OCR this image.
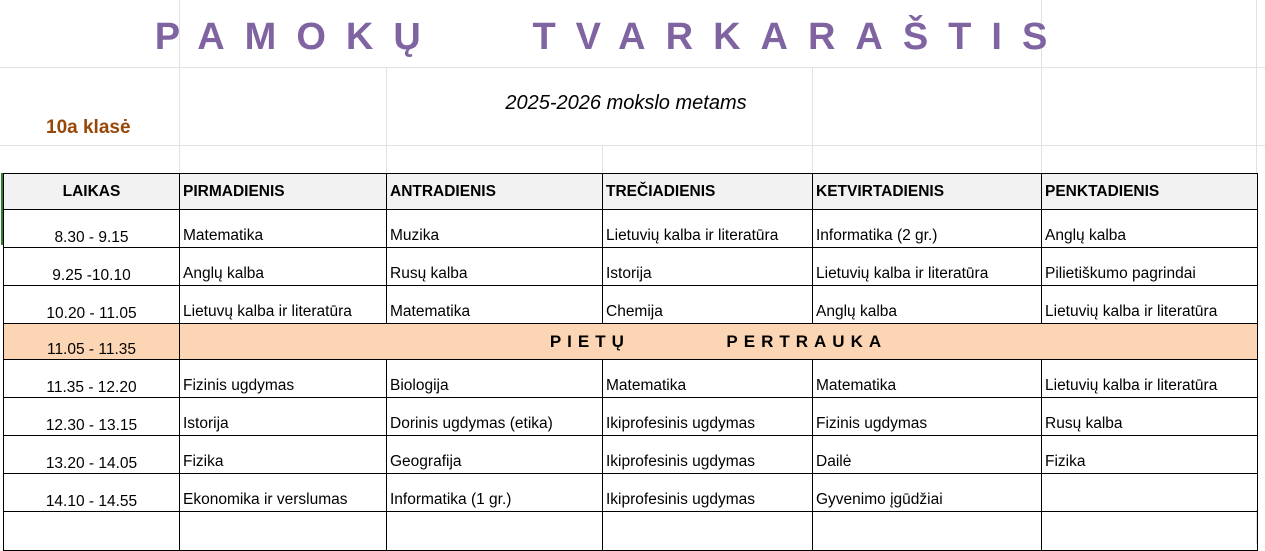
PAMOKŲ   TVARKARAŠTIS
10a klasė
2025-2026 mokslo metams
LAIKAS	PIRMADIENIS	ANTRADIENIS	TREČIADIENIS	KETVIRTADIENIS	PENKTADIENIS
8.30 - 9.15	Matematika	Muzika	Lietuvių kalba ir literatūra	Informatika (2 gr.)	Anglų kalba
9.25 -10.10	Anglų kalba	Rusų kalba	Istorija	Lietuvių kalba ir literatūra	Pilietiškumo pagrindai
10.20 - 11.05	Lietuvų kalba ir literatūra	Matematika	Chemija	Anglų kalba	Lietuvių kalba ir literatūra
11.05 - 11.35	PIETŲ         PERTRAUKA				
11.35 - 12.20	Fizinis ugdymas	Biologija	Matematika	Matematika	Lietuvių kalba ir literatūra
12.30 - 13.15	Istorija	Dorinis ugdymas (etika)	Ikiprofesinis ugdymas	Fizinis ugdymas	Rusų kalba
13.20 - 14.05	Fizika	Geografija	Ikiprofesinis ugdymas	Dailė	Fizika
14.10 - 14.55	Ekonomika ir verslumas	Informatika (1 gr.)	Ikiprofesinis ugdymas	Gyvenimo įgūdžiai	
